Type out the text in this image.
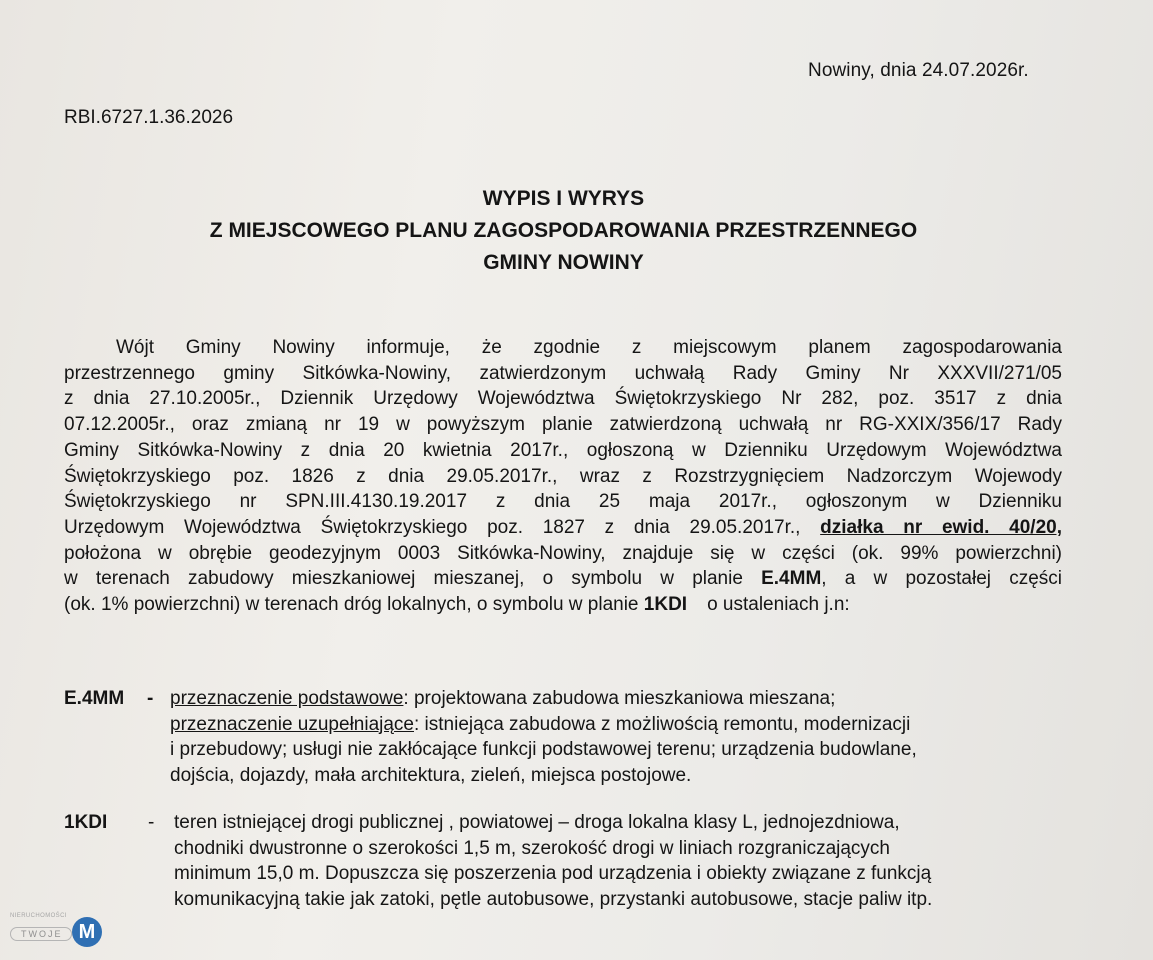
Nowiny, dnia 24.07.2026r.
RBI.6727.1.36.2026
WYPIS I WYRYS
Z MIEJSCOWEGO PLANU ZAGOSPODAROWANIA PRZESTRZENNEGO
GMINY NOWINY
Wójt Gminy Nowiny informuje, że zgodnie z miejscowym planem zagospodarowania
przestrzennego gminy Sitkówka-Nowiny, zatwierdzonym uchwałą Rady Gminy Nr XXXVII/271/05
z dnia 27.10.2005r., Dziennik Urzędowy Województwa Świętokrzyskiego Nr 282, poz. 3517 z dnia
07.12.2005r., oraz zmianą nr 19 w powyższym planie zatwierdzoną uchwałą nr RG-XXIX/356/17 Rady
Gminy Sitkówka-Nowiny z dnia 20 kwietnia 2017r., ogłoszoną w Dzienniku Urzędowym Województwa
Świętokrzyskiego poz. 1826 z dnia 29.05.2017r., wraz z Rozstrzygnięciem Nadzorczym Wojewody
Świętokrzyskiego nr SPN.III.4130.19.2017 z dnia 25 maja 2017r., ogłoszonym w Dzienniku
Urzędowym Województwa Świętokrzyskiego poz. 1827 z dnia 29.05.2017r., działka nr ewid. 40/20,
położona w obrębie geodezyjnym 0003 Sitkówka-Nowiny, znajduje się w części (ok. 99% powierzchni)
w terenach zabudowy mieszkaniowej mieszanej, o symbolu w planie E.4MM, a w pozostałej części
(ok. 1% powierzchni) w terenach dróg lokalnych, o symbolu w planie 1KDI o ustaleniach j.n:
E.4MM - przeznaczenie podstawowe: projektowana zabudowa mieszkaniowa mieszana;
przeznaczenie uzupełniające: istniejąca zabudowa z możliwością remontu, modernizacji
i przebudowy; usługi nie zakłócające funkcji podstawowej terenu; urządzenia budowlane,
dojścia, dojazdy, mała architektura, zieleń, miejsca postojowe.
1KDI - teren istniejącej drogi publicznej , powiatowej – droga lokalna klasy L, jednojezdniowa,
chodniki dwustronne o szerokości 1,5 m, szerokość drogi w liniach rozgraniczających
minimum 15,0 m. Dopuszcza się poszerzenia pod urządzenia i obiekty związane z funkcją
komunikacyjną takie jak zatoki, pętle autobusowe, przystanki autobusowe, stacje paliw itp.
NIERUCHOMOŚCI
TWOJE M
